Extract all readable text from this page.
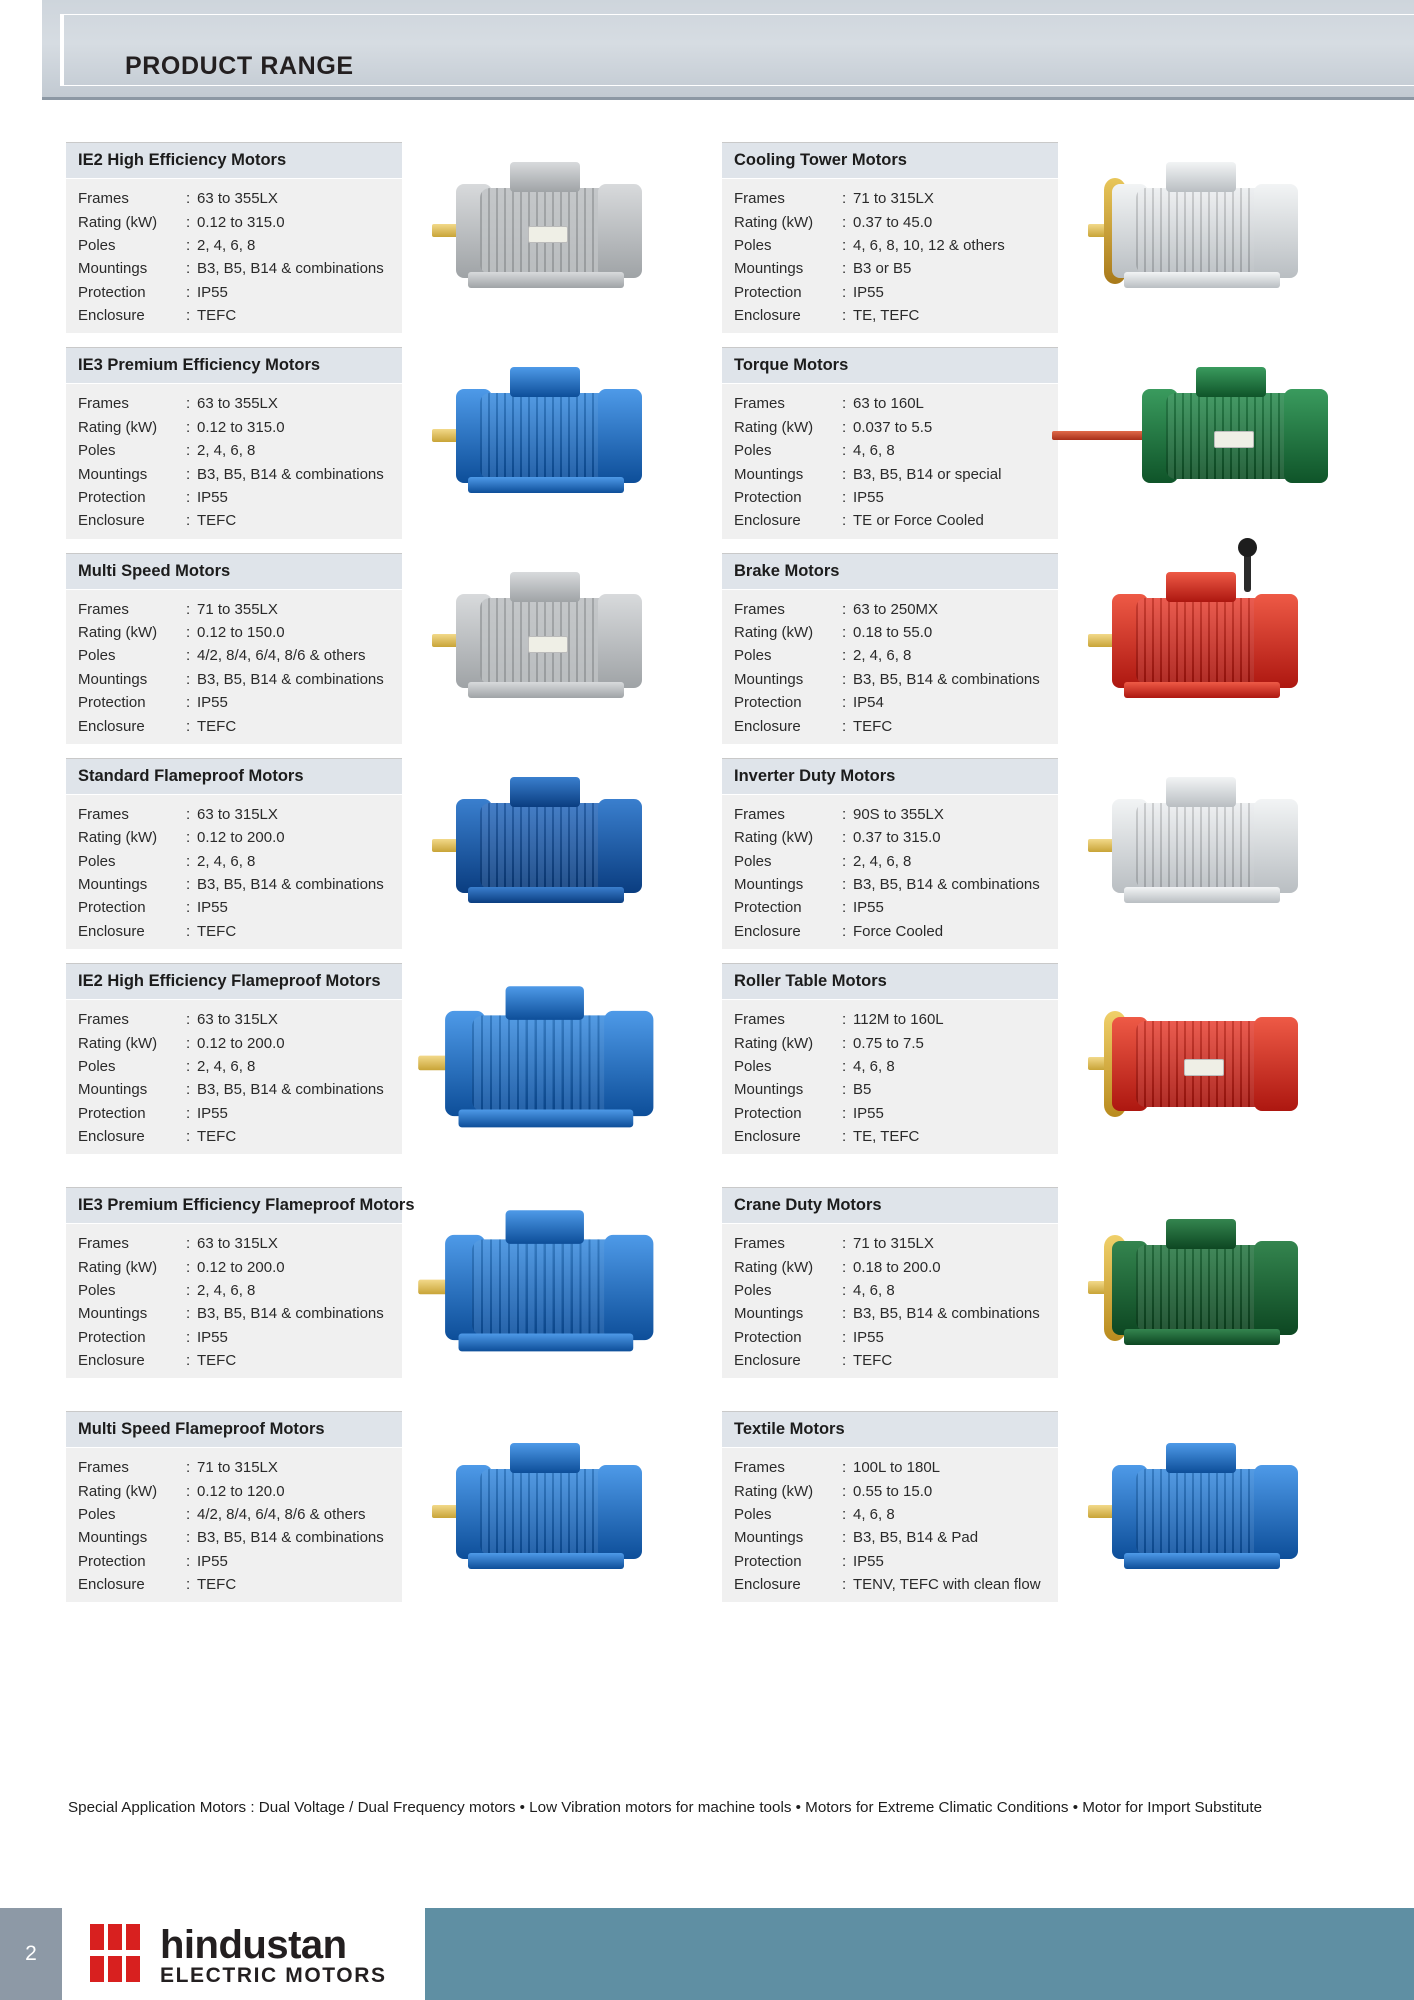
PRODUCT RANGE
IE2 High Efficiency Motors
Frames	:	63 to 355LX
Rating (kW)	:	0.12 to 315.0
Poles	:	2, 4, 6, 8
Mountings	:	B3, B5, B14 & combinations
Protection	:	IP55
Enclosure	:	TEFC
Cooling Tower Motors
Frames	:	71 to 315LX
Rating (kW)	:	0.37 to 45.0
Poles	:	4, 6, 8, 10, 12 & others
Mountings	:	B3 or B5
Protection	:	IP55
Enclosure	:	TE, TEFC
IE3 Premium Efficiency Motors
Frames	:	63 to 355LX
Rating (kW)	:	0.12 to 315.0
Poles	:	2, 4, 6, 8
Mountings	:	B3, B5, B14 & combinations
Protection	:	IP55
Enclosure	:	TEFC
Torque Motors
Frames	:	63 to 160L
Rating (kW)	:	0.037 to 5.5
Poles	:	4, 6, 8
Mountings	:	B3, B5, B14 or special
Protection	:	IP55
Enclosure	:	TE or Force Cooled
Multi Speed Motors
Frames	:	71 to 355LX
Rating (kW)	:	0.12 to 150.0
Poles	:	4/2, 8/4, 6/4, 8/6 & others
Mountings	:	B3, B5, B14 & combinations
Protection	:	IP55
Enclosure	:	TEFC
Brake Motors
Frames	:	63 to 250MX
Rating (kW)	:	0.18 to 55.0
Poles	:	2, 4, 6, 8
Mountings	:	B3, B5, B14 & combinations
Protection	:	IP54
Enclosure	:	TEFC
Standard Flameproof Motors
Frames	:	63 to 315LX
Rating (kW)	:	0.12 to 200.0
Poles	:	2, 4, 6, 8
Mountings	:	B3, B5, B14 & combinations
Protection	:	IP55
Enclosure	:	TEFC
Inverter Duty Motors
Frames	:	90S to 355LX
Rating (kW)	:	0.37 to 315.0
Poles	:	2, 4, 6, 8
Mountings	:	B3, B5, B14 & combinations
Protection	:	IP55
Enclosure	:	Force Cooled
IE2 High Efficiency Flameproof Motors
Frames	:	63 to 315LX
Rating (kW)	:	0.12 to 200.0
Poles	:	2, 4, 6, 8
Mountings	:	B3, B5, B14 & combinations
Protection	:	IP55
Enclosure	:	TEFC
Roller Table Motors
Frames	:	112M to 160L
Rating (kW)	:	0.75 to 7.5
Poles	:	4, 6, 8
Mountings	:	B5
Protection	:	IP55
Enclosure	:	TE, TEFC
IE3 Premium Efficiency Flameproof Motors
Frames	:	63 to 315LX
Rating (kW)	:	0.12 to 200.0
Poles	:	2, 4, 6, 8
Mountings	:	B3, B5, B14 & combinations
Protection	:	IP55
Enclosure	:	TEFC
Crane Duty Motors
Frames	:	71 to 315LX
Rating (kW)	:	0.18 to 200.0
Poles	:	4, 6, 8
Mountings	:	B3, B5, B14 & combinations
Protection	:	IP55
Enclosure	:	TEFC
Multi Speed Flameproof Motors
Frames	:	71 to 315LX
Rating (kW)	:	0.12 to 120.0
Poles	:	4/2, 8/4, 6/4, 8/6 & others
Mountings	:	B3, B5, B14 & combinations
Protection	:	IP55
Enclosure	:	TEFC
Textile Motors
Frames	:	100L to 180L
Rating (kW)	:	0.55 to 15.0
Poles	:	4, 6, 8
Mountings	:	B3, B5, B14 & Pad
Protection	:	IP55
Enclosure	:	TENV, TEFC with clean flow
Special Application Motors : Dual Voltage / Dual Frequency motors • Low Vibration motors for machine tools • Motors for Extreme Climatic Conditions • Motor for Import Substitute
2	hindustan
ELECTRIC MOTORS
